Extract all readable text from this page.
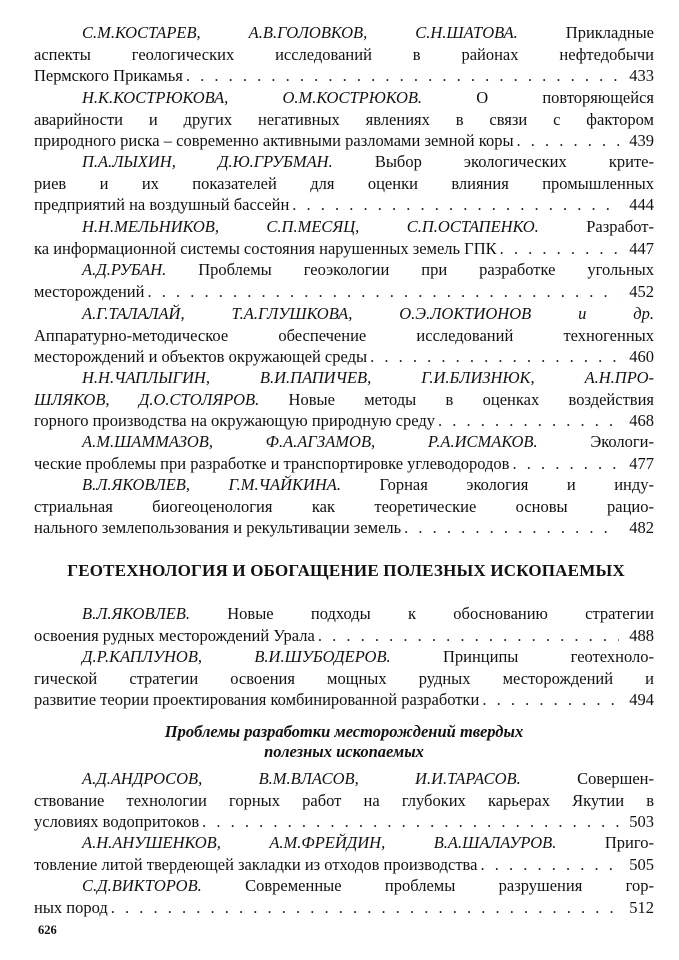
С.М.КОСТАРЕВ, А.В.ГОЛОВКОВ, С.Н.ШАТОВА. Прикладные
аспекты геологических исследований в районах нефтедобычи
Пермского Прикамья . . .	433
Н.К.КОСТРЮКОВА, О.М.КОСТРЮКОВ. О повторяющейся
аварийности и других негативных явлениях в связи с фактором
природного риска – современно активными разломами земной коры . . .	439
П.А.ЛЫХИН, Д.Ю.ГРУБМАН. Выбор экологических крите-
риев и их показателей для оценки влияния промышленных
предприятий на воздушный бассейн . . .	444
Н.Н.МЕЛЬНИКОВ, С.П.МЕСЯЦ, С.П.ОСТАПЕНКО. Разработ-
ка информационной системы состояния нарушенных земель ГПК . . .	447
А.Д.РУБАН. Проблемы геоэкологии при разработке угольных
месторождений . . .	452
А.Г.ТАЛАЛАЙ, Т.А.ГЛУШКОВА, О.Э.ЛОКТИОНОВ и др.
Аппаратурно-методическое обеспечение исследований техногенных
месторождений и объектов окружающей среды . . .	460
Н.Н.ЧАПЛЫГИН, В.И.ПАПИЧЕВ, Г.И.БЛИЗНЮК, А.Н.ПРО-
ШЛЯКОВ, Д.О.СТОЛЯРОВ. Новые методы в оценках воздействия
горного производства на окружающую природную среду . . .	468
А.М.ШАММАЗОВ, Ф.А.АГЗАМОВ, Р.А.ИСМАКОВ. Экологи-
ческие проблемы при разработке и транспортировке углеводородов . . .	477
В.Л.ЯКОВЛЕВ, Г.М.ЧАЙКИНА. Горная экология и инду-
стриальная биогеоценология как теоретические основы рацио-
нального землепользования и рекультивации земель . . .	482
ГЕОТЕХНОЛОГИЯ И ОБОГАЩЕНИЕ ПОЛЕЗНЫХ ИСКОПАЕМЫХ
В.Л.ЯКОВЛЕВ. Новые подходы к обоснованию стратегии
освоения рудных месторождений Урала . . .	488
Д.Р.КАПЛУНОВ, В.И.ШУБОДЕРОВ. Принципы геотехноло-
гической стратегии освоения мощных рудных месторождений и
развитие теории проектирования комбинированной разработки . . .	494
Проблемы разработки месторождений твердых
полезных ископаемых
А.Д.АНДРОСОВ, В.М.ВЛАСОВ, И.И.ТАРАСОВ. Совершен-
ствование технологии горных работ на глубоких карьерах Якутии в
условиях водопритоков . . .	503
А.Н.АНУШЕНКОВ, А.М.ФРЕЙДИН, В.А.ШАЛАУРОВ. Приго-
товление литой твердеющей закладки из отходов производства . . .	505
С.Д.ВИКТОРОВ. Современные проблемы разрушения гор-
ных пород . . .	512
626
